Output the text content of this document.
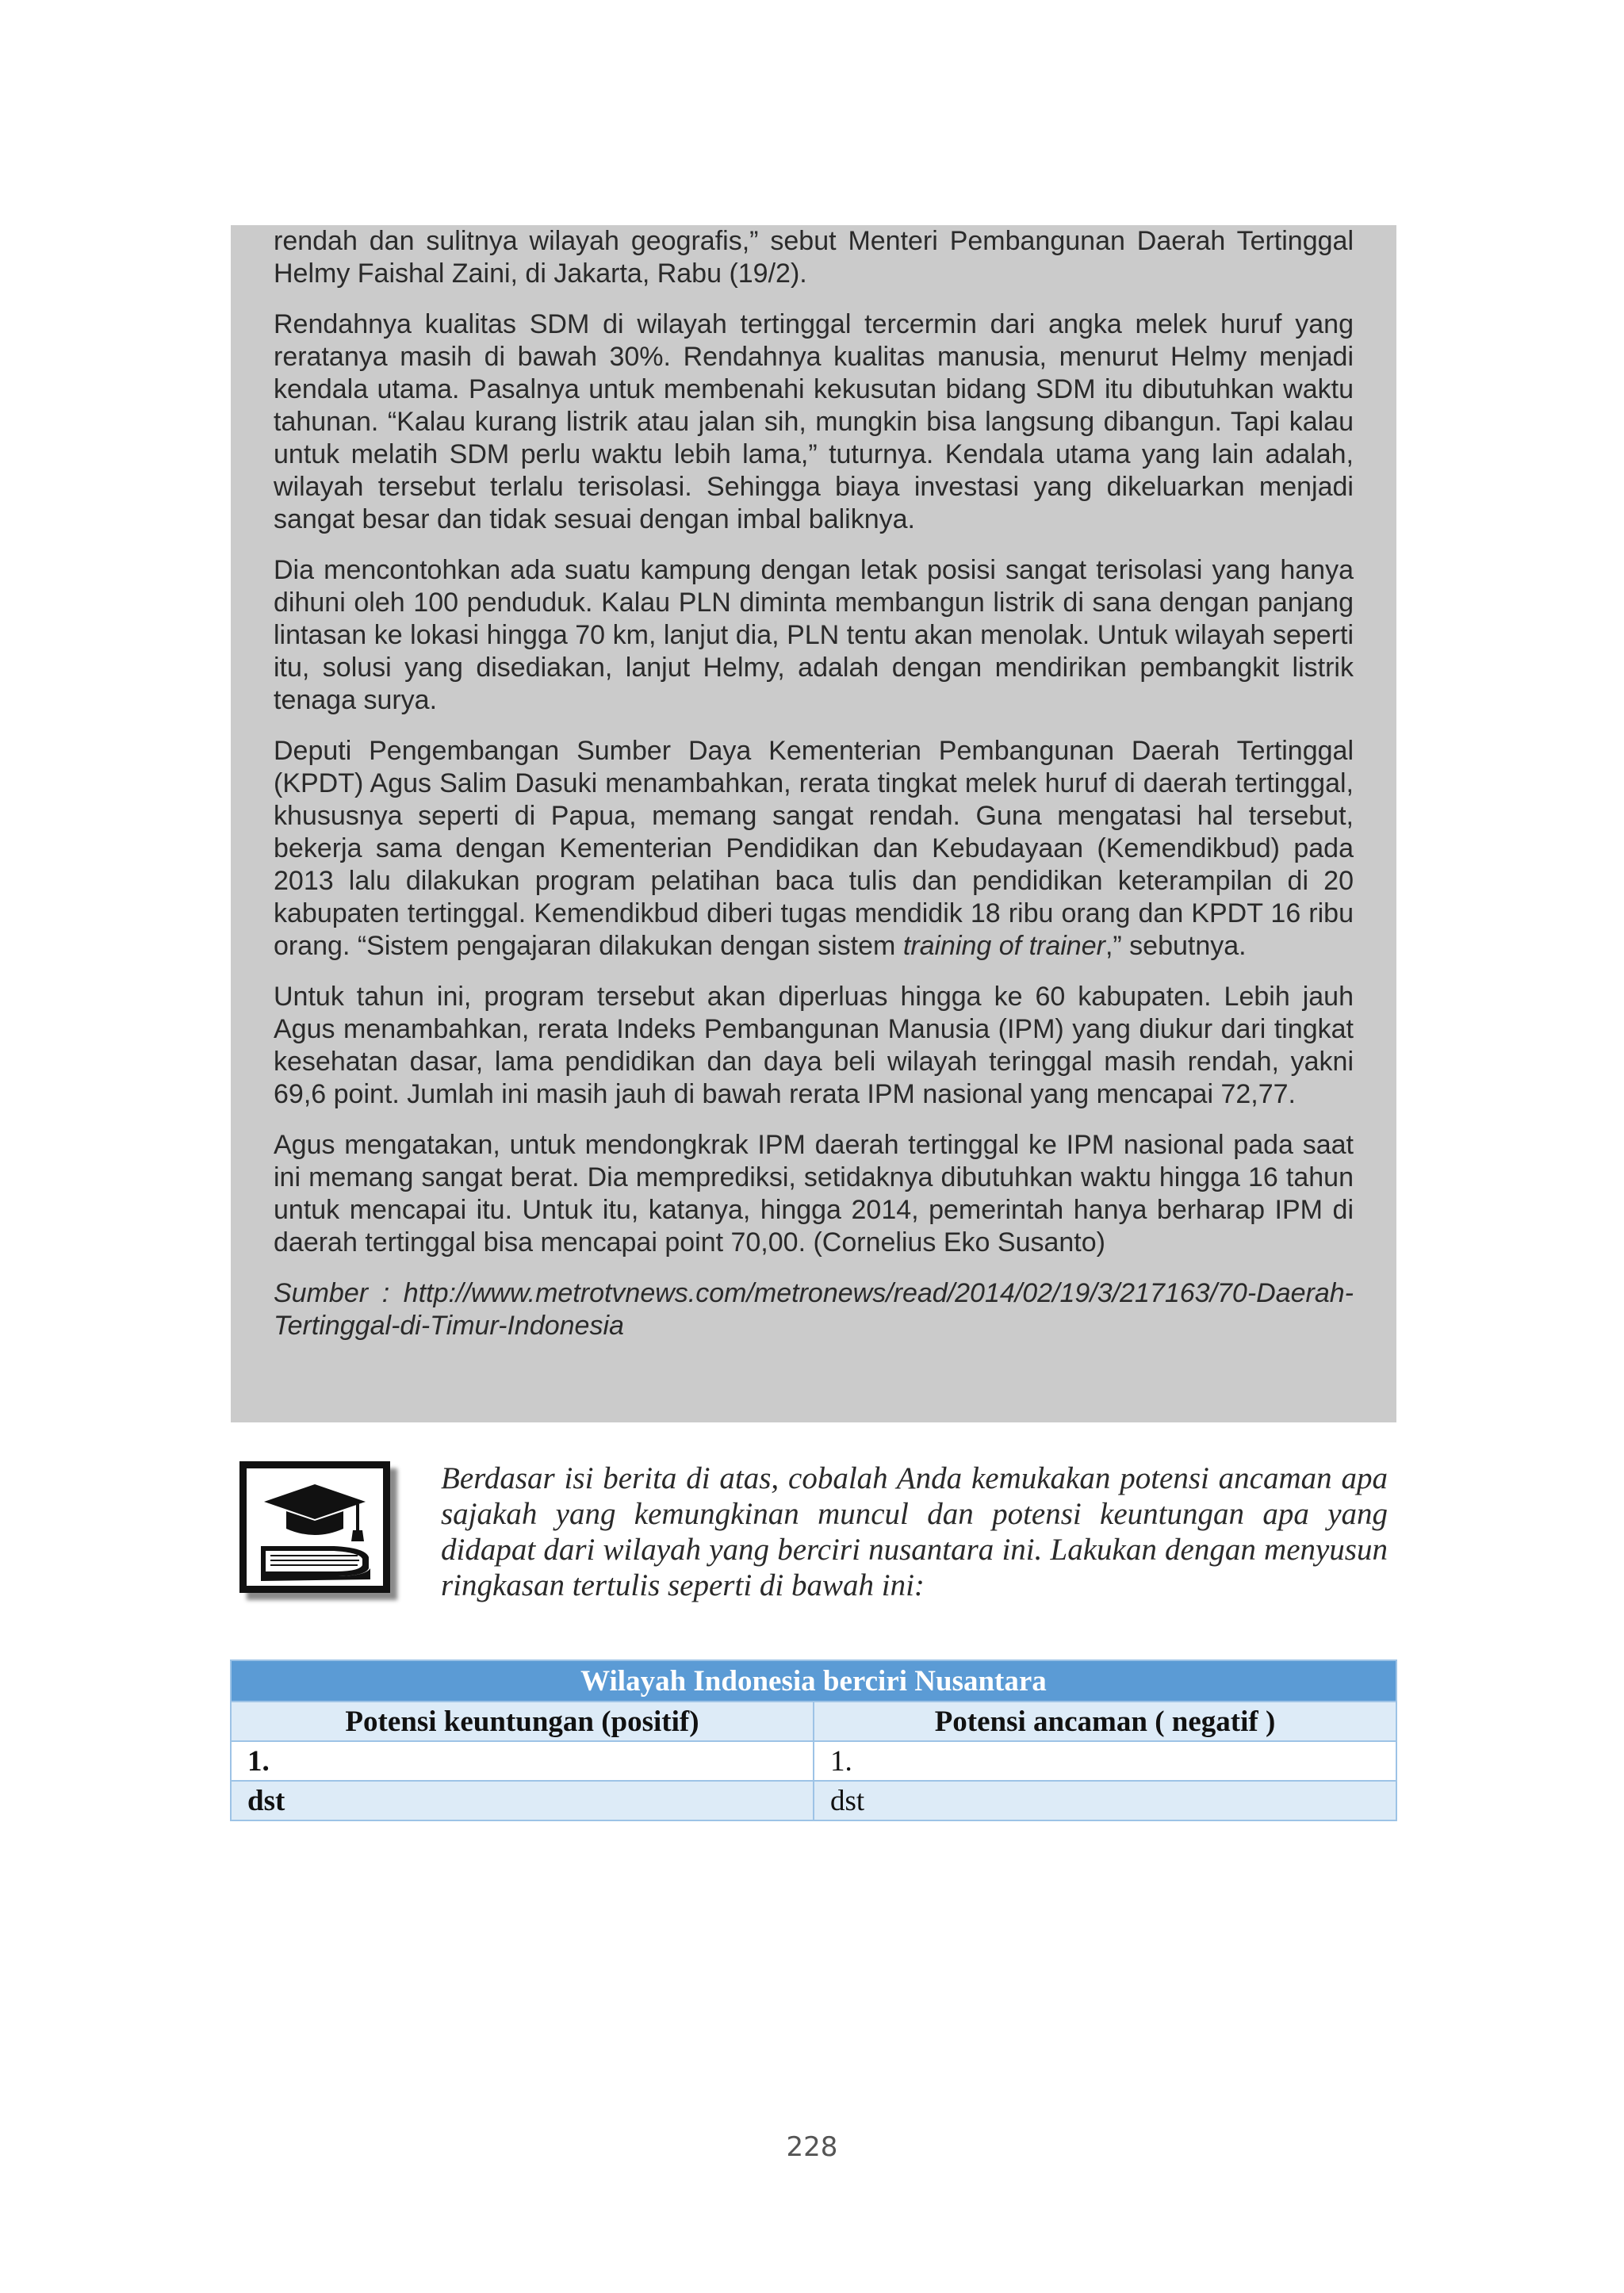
rendah dan sulitnya wilayah geografis,” sebut Menteri Pembangunan Daerah Tertinggal Helmy Faishal Zaini, di Jakarta, Rabu (19/2).

Rendahnya kualitas SDM di wilayah tertinggal tercermin dari angka melek huruf yang reratanya masih di bawah 30%. Rendahnya kualitas manusia, menurut Helmy menjadi kendala utama. Pasalnya untuk membenahi kekusutan bidang SDM itu dibutuhkan waktu tahunan. “Kalau kurang listrik atau jalan sih, mungkin bisa langsung dibangun. Tapi kalau untuk melatih SDM perlu waktu lebih lama,” tuturnya. Kendala utama yang lain adalah, wilayah tersebut terlalu terisolasi. Sehingga biaya investasi yang dikeluarkan menjadi sangat besar dan tidak sesuai dengan imbal baliknya.

Dia mencontohkan ada suatu kampung dengan letak posisi sangat terisolasi yang hanya dihuni oleh 100 penduduk. Kalau PLN diminta membangun listrik di sana dengan panjang lintasan ke lokasi hingga 70 km, lanjut dia, PLN tentu akan menolak. Untuk wilayah seperti itu, solusi yang disediakan, lanjut Helmy, adalah dengan mendirikan pembangkit listrik tenaga surya.

Deputi Pengembangan Sumber Daya Kementerian Pembangunan Daerah Tertinggal (KPDT) Agus Salim Dasuki menambahkan, rerata tingkat melek huruf di daerah tertinggal, khususnya seperti di Papua, memang sangat rendah. Guna mengatasi hal tersebut, bekerja sama dengan Kementerian Pendidikan dan Kebudayaan (Kemendikbud) pada 2013 lalu dilakukan program pelatihan baca tulis dan pendidikan keterampilan di 20 kabupaten tertinggal. Kemendikbud diberi tugas mendidik 18 ribu orang dan KPDT 16 ribu orang. “Sistem pengajaran dilakukan dengan sistem training of trainer,” sebutnya.

Untuk tahun ini, program tersebut akan diperluas hingga ke 60 kabupaten. Lebih jauh Agus menambahkan, rerata Indeks Pembangunan Manusia (IPM) yang diukur dari tingkat kesehatan dasar, lama pendidikan dan daya beli wilayah teringgal masih rendah, yakni 69,6 point. Jumlah ini masih jauh di bawah rerata IPM nasional yang mencapai 72,77.

Agus mengatakan, untuk mendongkrak IPM daerah tertinggal ke IPM nasional pada saat ini memang sangat berat. Dia memprediksi, setidaknya dibutuhkan waktu hingga 16 tahun untuk mencapai itu. Untuk itu, katanya, hingga 2014, pemerintah hanya berharap IPM di daerah tertinggal bisa mencapai point 70,00. (Cornelius Eko Susanto)

Sumber : http://www.metrotvnews.com/metronews/read/2014/02/19/3/217163/70-Daerah-Tertinggal-di-Timur-Indonesia

Berdasar isi berita di atas, cobalah Anda kemukakan potensi ancaman apa sajakah yang kemungkinan muncul dan potensi keuntungan apa yang didapat dari wilayah yang berciri nusantara ini. Lakukan dengan menyusun ringkasan tertulis seperti di bawah ini:

Wilayah Indonesia berciri Nusantara	
Potensi keuntungan (positif)	Potensi ancaman ( negatif )
1.	1.
dst	dst
228
